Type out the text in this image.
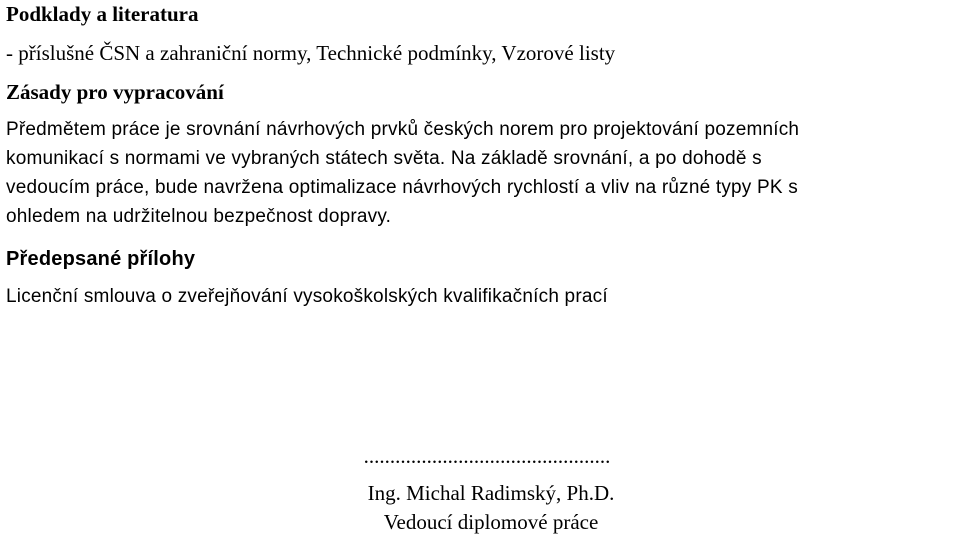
Podklady a literatura
- příslušné ČSN a zahraniční normy, Technické podmínky, Vzorové listy
Zásady pro vypracování
Předmětem práce je srovnání návrhových prvků českých norem pro projektování pozemních
komunikací s normami ve vybraných státech světa. Na základě srovnání, a po dohodě s
vedoucím práce, bude navržena optimalizace návrhových rychlostí a vliv na různé typy PK s
ohledem na udržitelnou bezpečnost dopravy.
Předepsané přílohy
Licenční smlouva o zveřejňování vysokoškolských kvalifikačních prací
...............................................
Ing. Michal Radimský, Ph.D.
Vedoucí diplomové práce
